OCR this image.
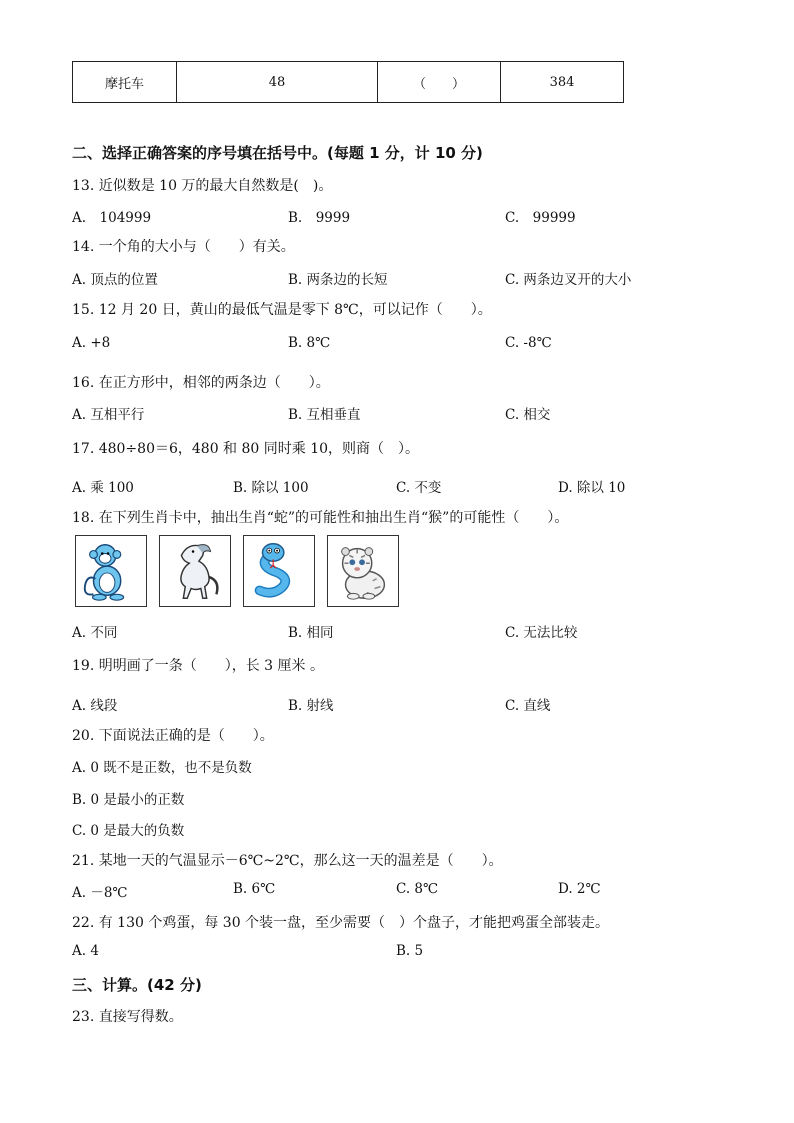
摩托车	48	（　　）	384
二、选择正确答案的序号填在括号中。(每题 1 分，计 10 分)
13. 近似数是 10 万的最大自然数是(　)。
A.　104999	B.　9999	C.　99999
14. 一个角的大小与（　　）有关。
A. 顶点的位置	B. 两条边的长短	C. 两条边叉开的大小
15. 12 月 20 日，黄山的最低气温是零下 8℃，可以记作（　　）。
A. +8	B. 8℃	C. -8℃
16. 在正方形中，相邻的两条边（　　）。
A. 互相平行	B. 互相垂直	C. 相交
17. 480÷80＝6，480 和 80 同时乘 10，则商（　）。
A. 乘 100	B. 除以 100	C. 不变	D. 除以 10
18. 在下列生肖卡中，抽出生肖“蛇”的可能性和抽出生肖“猴”的可能性（　　）。
A. 不同	B. 相同	C. 无法比较
19. 明明画了一条（　　），长 3 厘米 。
A. 线段	B. 射线	C. 直线
20. 下面说法正确的是（　　）。
A. 0 既不是正数，也不是负数
B. 0 是最小的正数
C. 0 是最大的负数
21. 某地一天的气温显示－6℃~2℃，那么这一天的温差是（　　）。
A. －8℃	B. 6℃	C. 8℃	D. 2℃
22. 有 130 个鸡蛋，每 30 个装一盘，至少需要（　）个盘子，才能把鸡蛋全部装走。
A. 4	B. 5
三、计算。(42 分)
23. 直接写得数。
